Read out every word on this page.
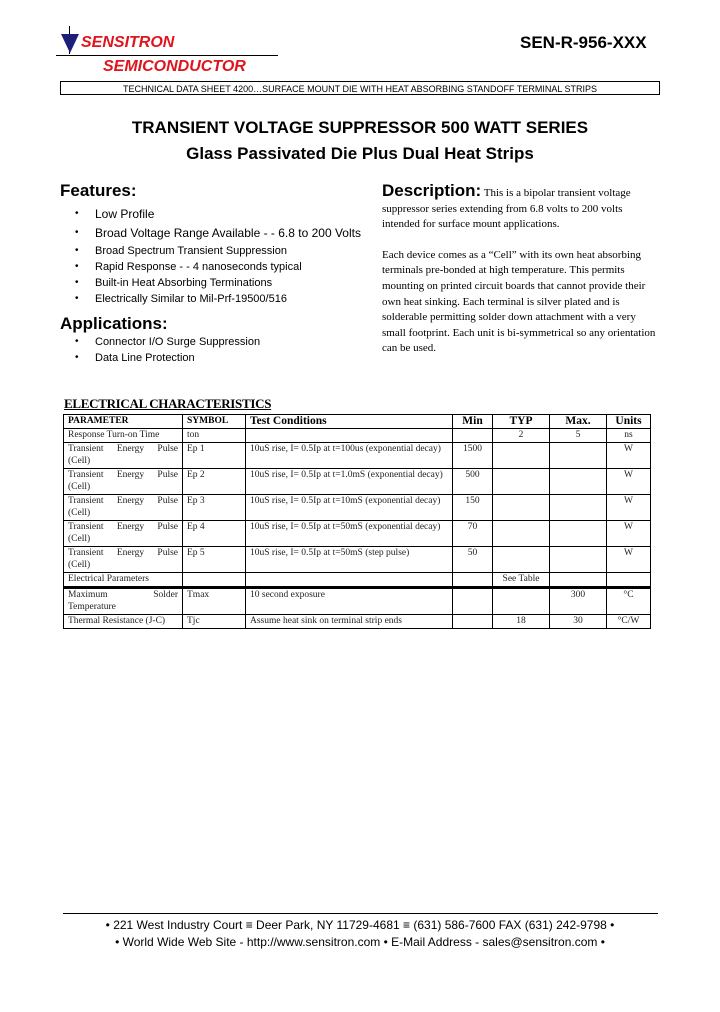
SENSITRON
SEMICONDUCTOR
SEN-R-956-XXX
TECHNICAL DATA SHEET 4200…SURFACE MOUNT DIE WITH HEAT ABSORBING STANDOFF TERMINAL STRIPS
TRANSIENT VOLTAGE SUPPRESSOR 500 WATT SERIES
Glass Passivated Die Plus Dual Heat Strips
Features:
• Low Profile
• Broad Voltage Range Available - - 6.8 to 200 Volts
• Broad Spectrum Transient Suppression
• Rapid Response - - 4 nanoseconds typical
• Built-in Heat Absorbing Terminations
• Electrically Similar to Mil-Prf-19500/516
Applications:
• Connector I/O Surge Suppression
• Data Line Protection

Description: This is a bipolar transient voltage suppressor series extending from 6.8 volts to 200 volts intended for surface mount applications.

Each device comes as a “Cell” with its own heat absorbing terminals pre-bonded at high temperature. This permits mounting on printed circuit boards that cannot provide their own heat sinking. Each terminal is silver plated and is solderable permitting solder down attachment with a very small footprint. Each unit is bi-symmetrical so any orientation can be used.

ELECTRICAL CHARACTERISTICS
PARAMETER	SYMBOL	Test Conditions	Min	TYP	Max.	Units
Response Turn-on Time	ton			2	5	ns
Transient Energy Pulse (Cell)	Ep 1	10uS rise, I= 0.5Ip at t=100us (exponential decay)	1500			W
Transient Energy Pulse (Cell)	Ep 2	10uS rise, I= 0.5Ip at t=1.0mS (exponential decay)	500			W
Transient Energy Pulse (Cell)	Ep 3	10uS rise, I= 0.5Ip at t=10mS (exponential decay)	150			W
Transient Energy Pulse (Cell)	Ep 4	10uS rise, I= 0.5Ip at t=50mS (exponential decay)	70			W
Transient Energy Pulse (Cell)	Ep 5	10uS rise, I= 0.5Ip at t=50mS (step pulse)	50			W
Electrical Parameters				See Table		
Maximum Solder Temperature	Tmax	10 second exposure			300	°C
Thermal Resistance (J-C)	Tjc	Assume heat sink on terminal strip ends		18	30	°C/W
• 221 West Industry Court ≡ Deer Park, NY 11729-4681 ≡ (631) 586-7600 FAX (631) 242-9798 •
• World Wide Web Site - http://www.sensitron.com • E-Mail Address - sales@sensitron.com •
